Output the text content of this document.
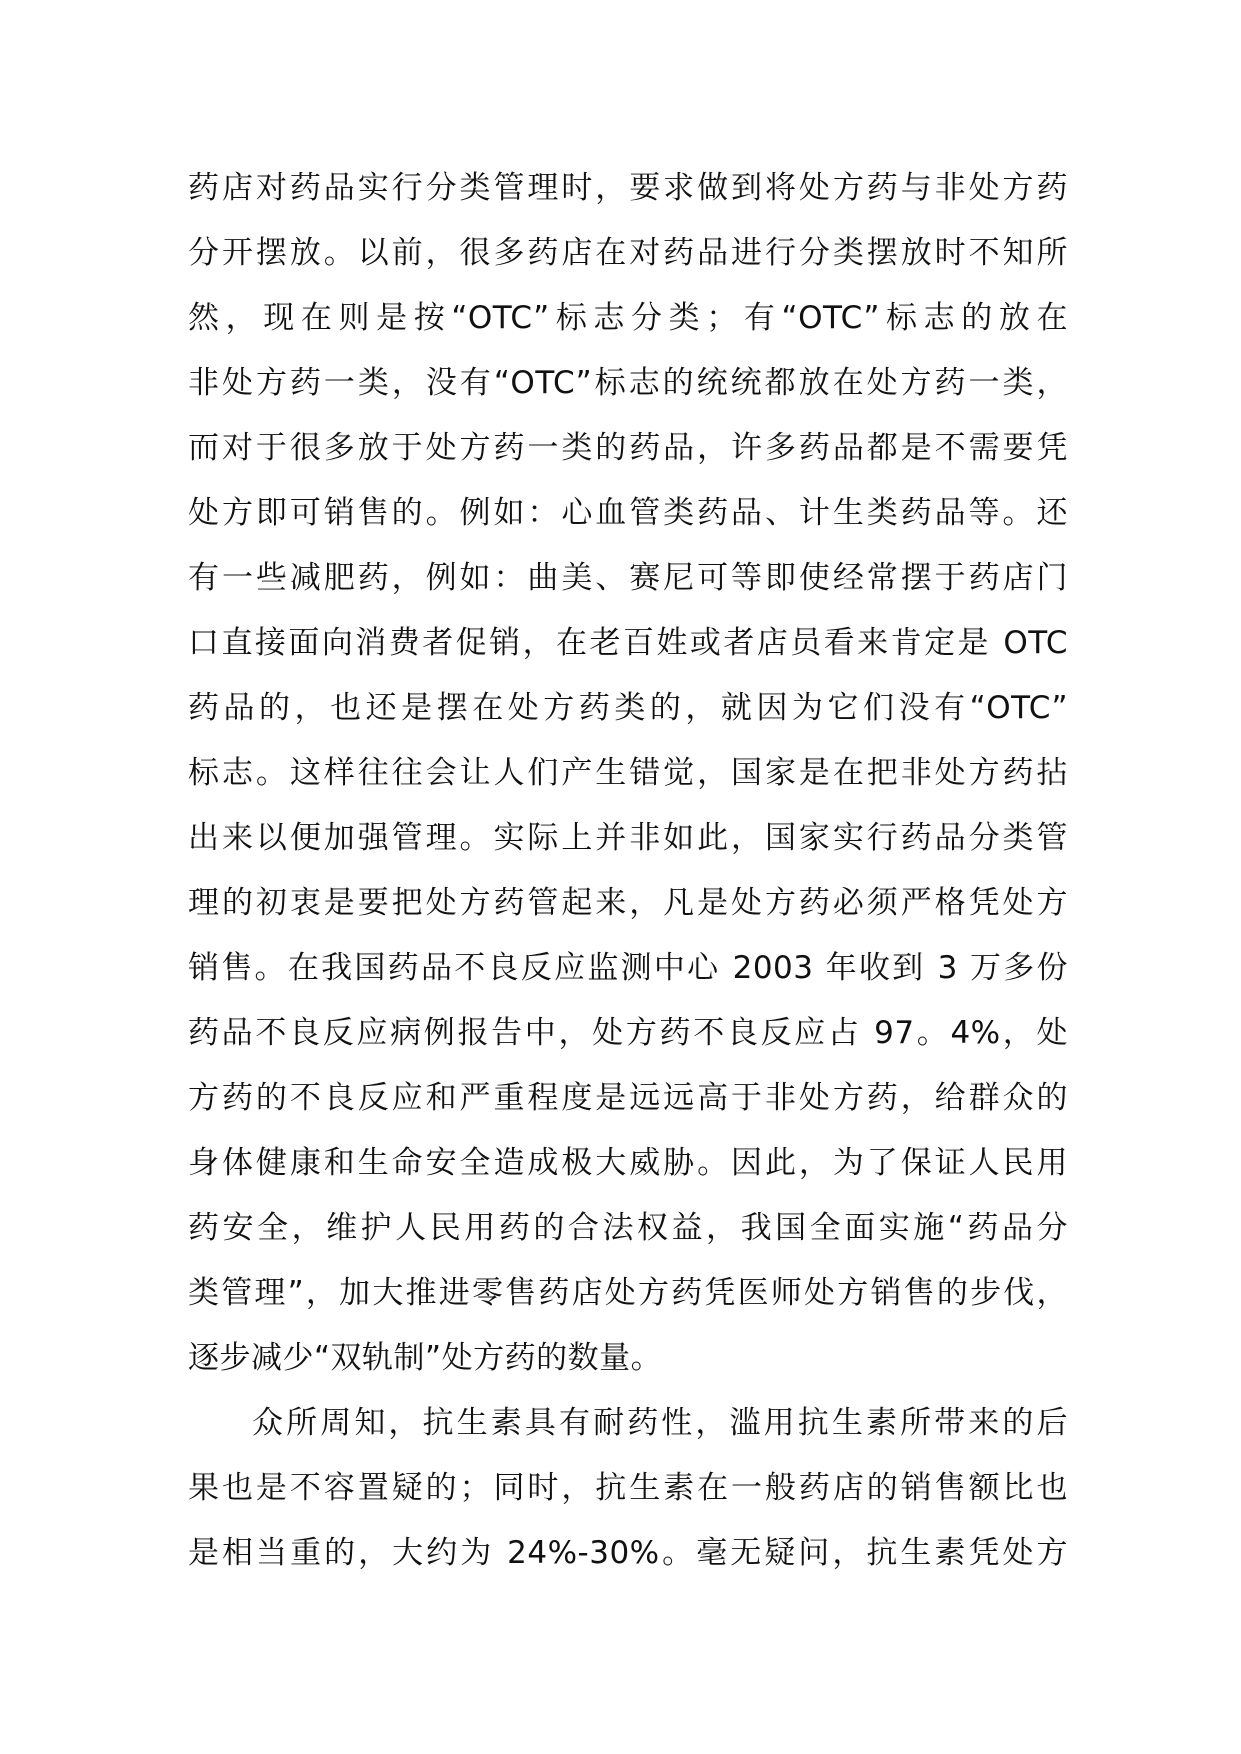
药店对药品实行分类管理时，要求做到将处方药与非处方药
分开摆放。以前，很多药店在对药品进行分类摆放时不知所
然，现在则是按“OTC”标志分类；有“OTC”标志的放在
非处方药一类，没有“OTC”标志的统统都放在处方药一类，
而对于很多放于处方药一类的药品，许多药品都是不需要凭
处方即可销售的。例如：心血管类药品、计生类药品等。还
有一些减肥药，例如：曲美、赛尼可等即使经常摆于药店门
口直接面向消费者促销，在老百姓或者店员看来肯定是 OTC
药品的，也还是摆在处方药类的，就因为它们没有“OTC”
标志。这样往往会让人们产生错觉，国家是在把非处方药拈
出来以便加强管理。实际上并非如此，国家实行药品分类管
理的初衷是要把处方药管起来，凡是处方药必须严格凭处方
销售。在我国药品不良反应监测中心 2003 年收到 3 万多份
药品不良反应病例报告中，处方药不良反应占 97。4%，处
方药的不良反应和严重程度是远远高于非处方药，给群众的
身体健康和生命安全造成极大威胁。因此，为了保证人民用
药安全，维护人民用药的合法权益，我国全面实施“药品分
类管理”，加大推进零售药店处方药凭医师处方销售的步伐，
逐步减少“双轨制”处方药的数量。
众所周知，抗生素具有耐药性，滥用抗生素所带来的后
果也是不容置疑的；同时，抗生素在一般药店的销售额比也
是相当重的，大约为 24%-30%。毫无疑问，抗生素凭处方
